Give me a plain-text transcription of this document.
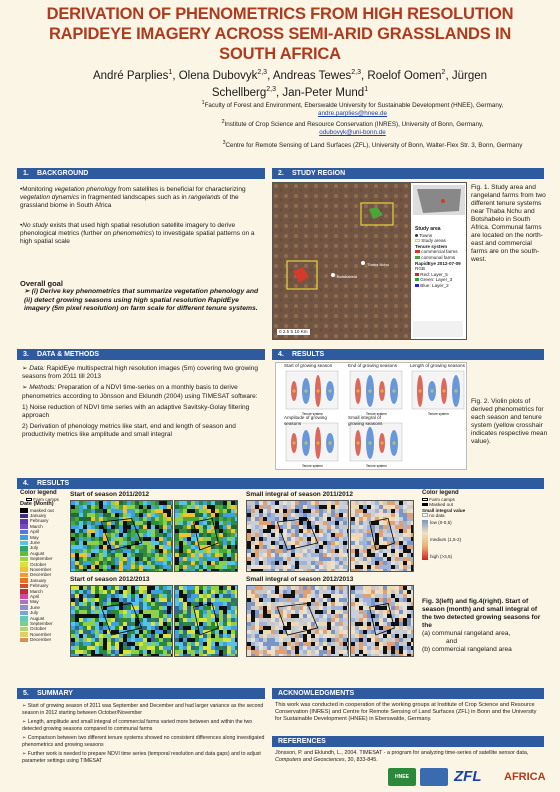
DERIVATION OF PHENOMETRICS FROM HIGH RESOLUTION
RAPIDEYE IMAGERY ACROSS SEMI-ARID GRASSLANDS IN
SOUTH AFRICA
André Parplies$^1$, Olena Dubovyk$^{2,3}$, Andreas Tewes$^{2,3}$, Roelof Oomen$^2$, Jürgen
Schellberg$^{2,3}$, Jan-Peter Mund$^1$
$^1$Faculty of Forest and Environment, Eberswalde University for Sustainable Development (HNEE), Germany,
andre.parplies@hnee.de
$^2$Institute of Crop Science and Resource Conservation (INRES), University of Bonn, Germany,
odubovyk@uni-bonn.de
$^3$Centre for Remote Sensing of Land Surfaces (ZFL), University of Bonn, Walter-Flex Str. 3, Bonn, Germany
1. BACKGROUND

•Monitoring vegetation phenology from satellites is beneficial for characterizing vegetation dynamics in fragmented landscapes such as in rangelands of the grassland biome in South Africa

•No study exists that used high spatial resolution satellite imagery to derive phenological metrics (further on phenometrics) to investigate spatial patterns on a high spatial scale

Overall goal
➢ (i) Derive key phenometrics that summarize vegetation phenology and (ii) detect growing seasons using high spatial resolution RapidEye imagery (5m pixel resolution) on farm scale for different tenure systems.
2. STUDY REGION
Thaba Nchu
Botshabelo
Study area
Towns
Study areas
Tenure system
commercial farms
communal farms
RapidEye 2012-07-09
RGB
Red: Layer_5
Green: Layer_3
Blue: Layer_2
0 2.5 5 10 Km
Fig. 1. Study area and rangeland farms from two different tenure systems near Thaba Nchu and Botshabelo in South Africa. Communal farms are located on the north-east and commercial farms are on the south-west.
3. DATA & METHODS

➢ Data: RapidEye multispectral high resolution images (5m) covering two growing seasons from 2011 till 2013

➢ Methods: Preparation of a NDVI time-series on a monthly basis to derive phenometrics according to Jönsson and Eklundh (2004) using TIMESAT software:

1) Noise reduction of NDVI time series with an adaptive Savitsky-Golay filtering approach

2) Derivation of phenology metrics like start, end and length of season and productivity metrics like amplitude and small integral

4. RESULTS
Tenure system	Tenure system	Tenure system
Tenure system	Tenure system
Start of growing season	End of growing seasons	Length of growing seasons
Amplitude of growing seasons
Small integral of growing seasons
Fig. 2. Violin plots of derived phenometrics for each season and tenure system (yellow crosshair indicates respective mean value).
4. RESULTS
Color legend
Farm camps
Date (Month)
masked out
January
February
March
April
May
June
July
August
September
October
November
December
January
February
March
April
May
June
July
August
September
October
November
December
Start of season 2011/2012	Small integral of season 2011/2012
Start of season 2012/2013	Small integral of season 2012/2013
Color legend
Farm camps
Masked out
Small integral value
no data
low (0-0,5)
medium (1,5-2)
high (>3,5)
Fig. 3(left) and fig.4(right). Start of season (month) and small integral of the two detected growing seasons for the
(a) communal rangeland area,
and
(b) commercial rangeland area
5. SUMMARY
➢ Start of growing season of 2011 was September and December and had larger variance as the second season in 2012 starting between October/November
➢ Length, amplitude and small integral of commercial farms varied more between and within the two detected growing seasons compared to communal farms
➢ Comparison between two different tenure systems showed no consistent differences along investigated phenometrics and growing seasons
➢ Further work is needed to prepare NDVI time series (temporal resolution and data gaps) and to adjust parameter settings using TIMESAT
ACKNOWLEDGMENTS
This work was conducted in cooperation of the working groups at Institute of Crop Science and Resource Conservation (INRES) and Centre for Remote Sensing of Land Surfaces (ZFL) in Bonn and the University for Sustainable Development (HNEE) in Eberswalde, Germany.
REFERENCES
Jönsson, P. and Eklundh, L., 2004. TIMESAT - a program for analyzing time-series of satellite sensor data, Computers and Geosciences, 30, 833-845.
HNEE	ZFL	AFRICA
